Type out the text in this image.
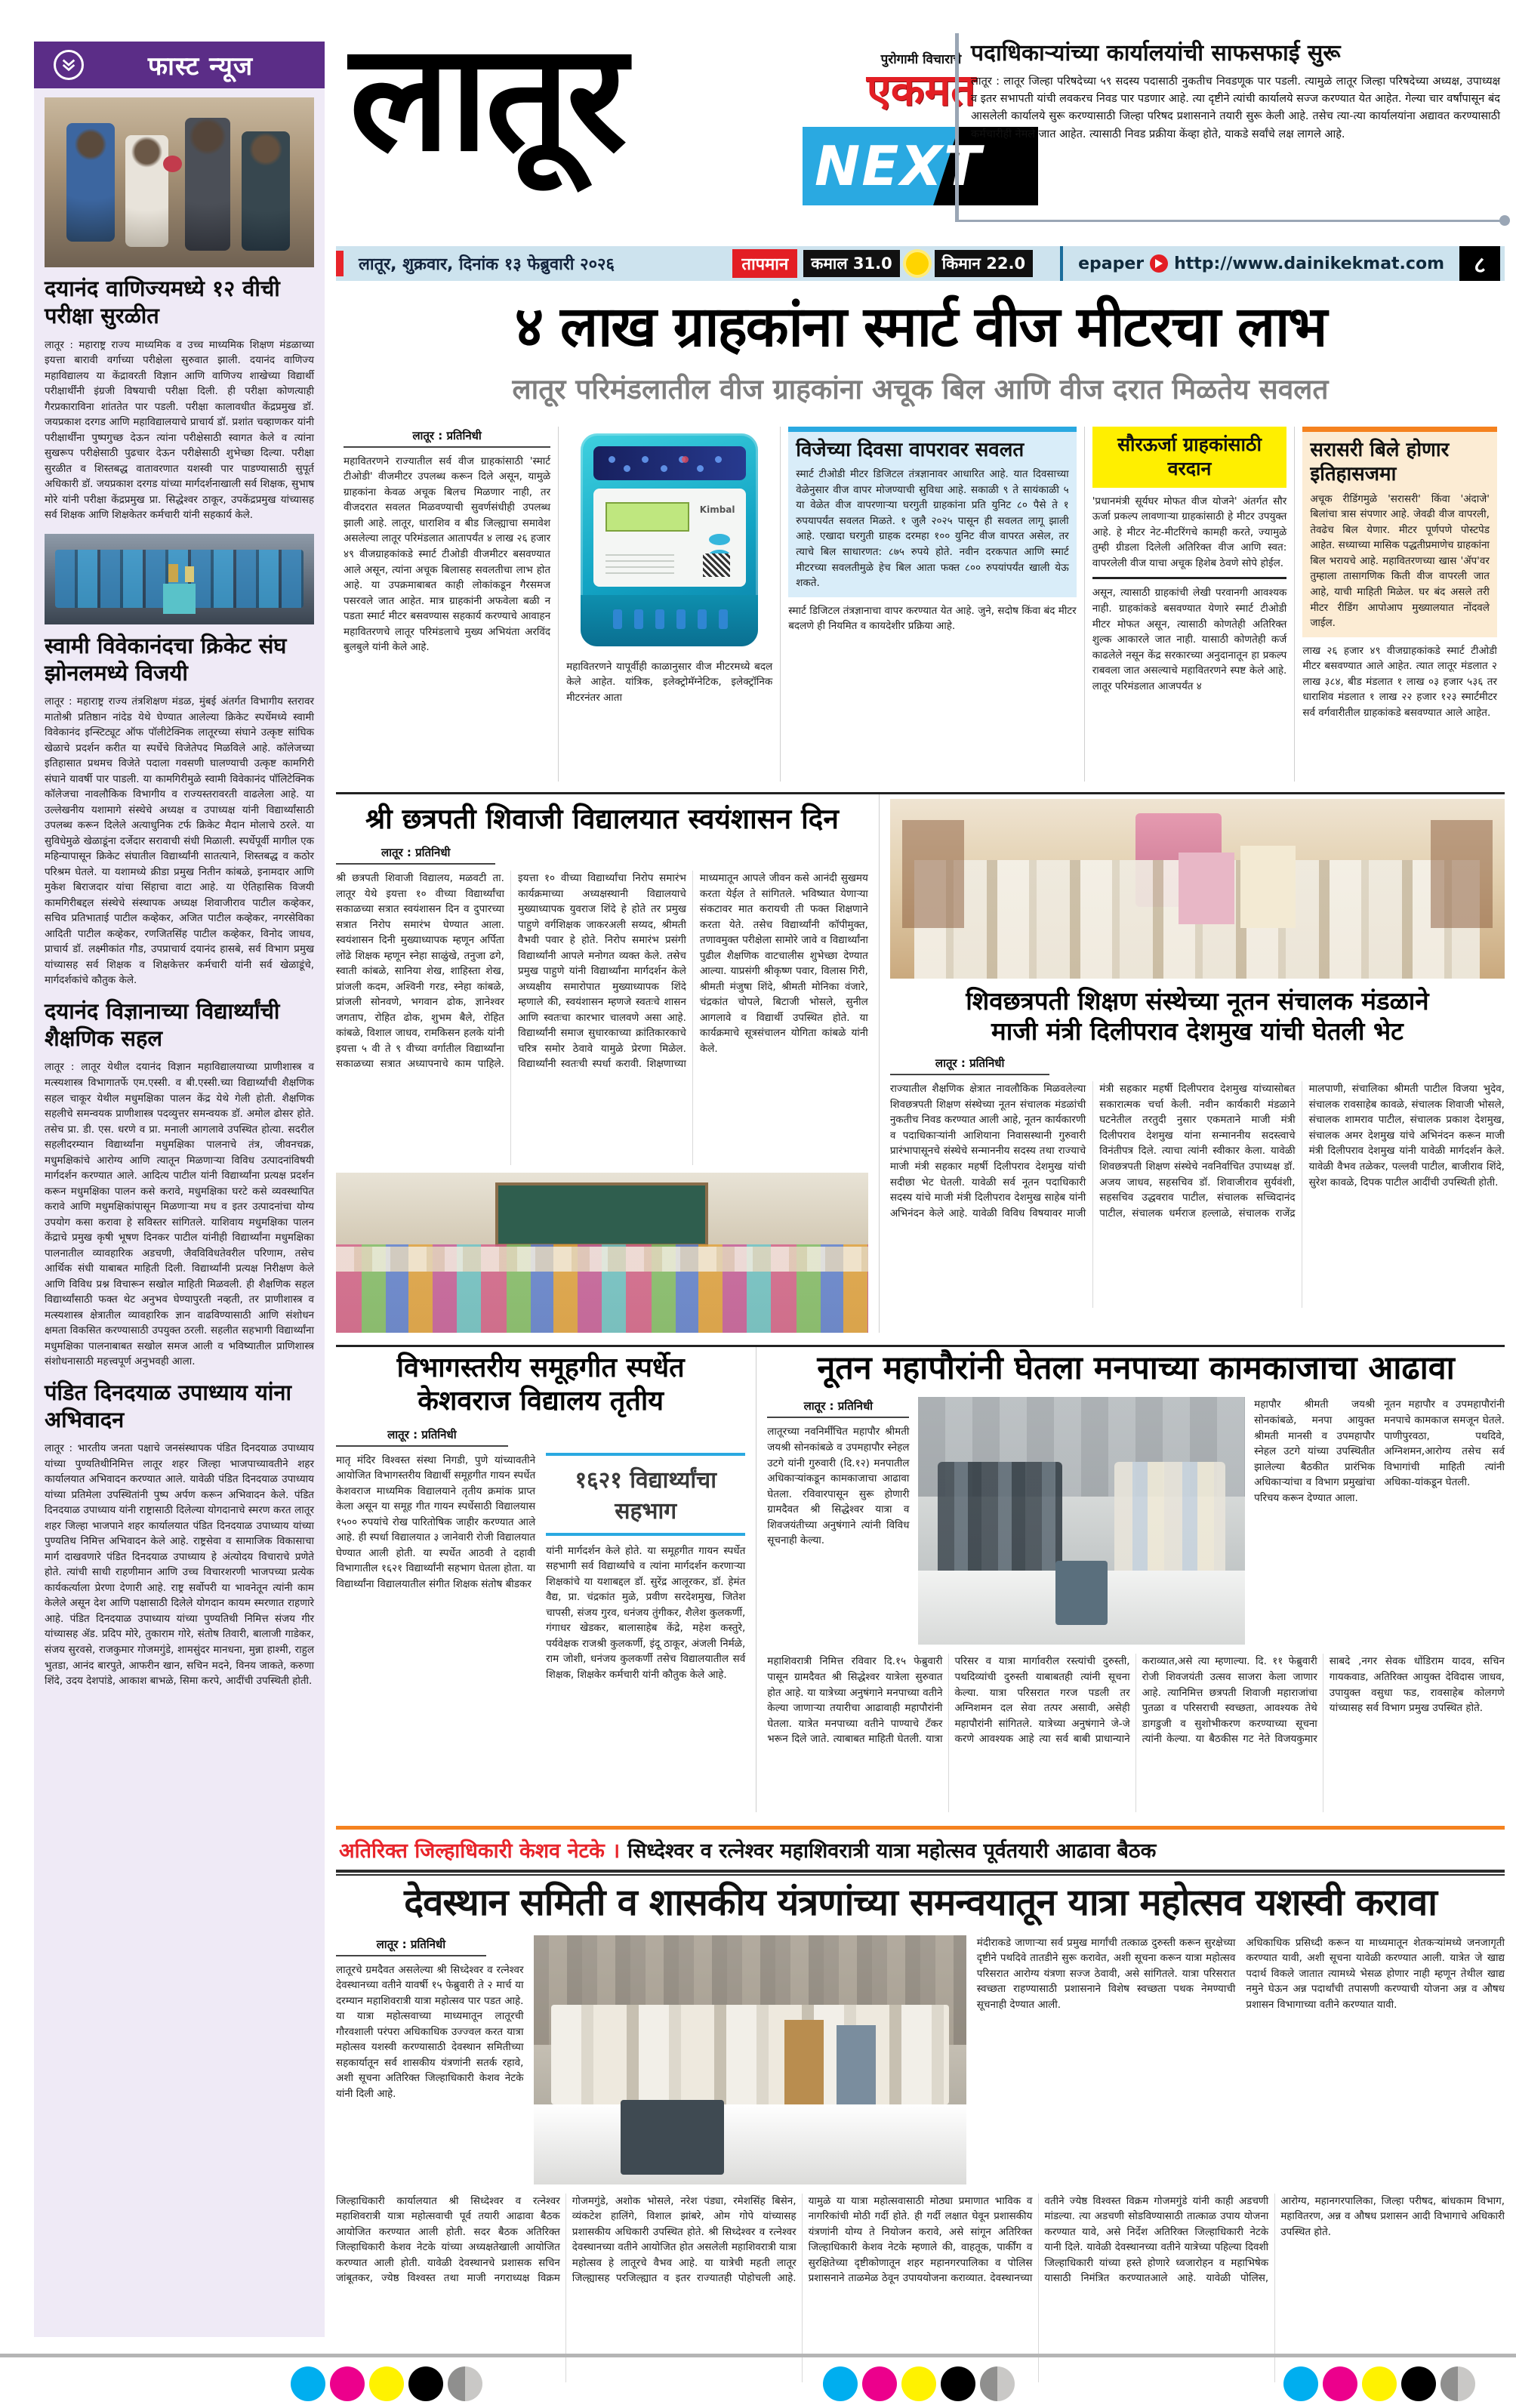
फास्ट न्यूज
दयानंद वाणिज्यमध्ये १२ वीची परीक्षा सुरळीत
लातूर : महाराष्ट्र राज्य माध्यमिक व उच्च माध्यमिक शिक्षण मंडळाच्या इयत्ता बारावी वर्गाच्या परीक्षेला सुरुवात झाली. दयानंद वाणिज्य महाविद्यालय या केंद्रावरती विज्ञान आणि वाणिज्य शाखेच्या विद्यार्थी परीक्षार्थींनी इंग्रजी विषयाची परीक्षा दिली. ही परीक्षा कोणत्याही गैरप्रकाराविना शांततेत पार पडली. परीक्षा कालावधीत केंद्रप्रमुख डॉ. जयप्रकाश दरगड आणि महाविद्यालयाचे प्राचार्य डॉ. प्रशांत चव्हाणकर यांनी परीक्षार्थींना पुष्पगुच्छ देऊन त्यांना परीक्षेसाठी स्वागत केले व त्यांना सुखरूप परीक्षेसाठी पुढचार देऊन परीक्षेसाठी शुभेच्छा दिल्या. परीक्षा सुरळीत व शिस्तबद्ध वातावरणात यशस्वी पार पाडण्यासाठी सुपूर्त अधिकारी डॉ. जयप्रकाश दरगड यांच्या मार्गदर्शनाखाली सर्व शिक्षक, सुभाष मोरे यांनी परीक्षा केंद्रप्रमुख प्रा. सिद्धेश्वर ठाकूर, उपकेंद्रप्रमुख यांच्यासह सर्व शिक्षक आणि शिक्षकेतर कर्मचारी यांनी सहकार्य केले.
स्वामी विवेकानंदचा क्रिकेट संघ झोनलमध्ये विजयी
लातूर : महाराष्ट्र राज्य तंत्रशिक्षण मंडळ, मुंबई अंतर्गत विभागीय स्तरावर मातोश्री प्रतिष्ठान नांदेड येथे घेण्यात आलेल्या क्रिकेट स्पर्धेमध्ये स्वामी विवेकानंद इन्स्टिट्यूट ऑफ पॉलीटेक्निक लातूरच्या संघाने उत्कृष्ट सांघिक खेळाचे प्रदर्शन करीत या स्पर्धेचे विजेतेपद मिळविले आहे. कॉलेजच्या इतिहासात प्रथमच विजेते पदाला गवसणी घालण्याची उत्कृष्ट कामगिरी संघाने यावर्षी पार पाडली. या कामगिरीमुळे स्वामी विवेकानंद पॉलिटेक्निक कॉलेजचा नावलौकिक विभागीय व राज्यस्तरावरती वाढलेला आहे. या उल्लेखनीय यशामागे संस्थेचे अध्यक्ष व उपाध्यक्ष यांनी विद्यार्थ्यांसाठी उपलब्ध करून दिलेले अत्याधुनिक टर्फ क्रिकेट मैदान मोलाचे ठरले. या सुविधेमुळे खेळाडूंना दर्जेदार सरावाची संधी मिळाली. स्पर्धेपूर्वी मागील एक महिन्यापासून क्रिकेट संघातील विद्यार्थ्यांनी सातत्याने, शिस्तबद्ध व कठोर परिश्रम घेतले. या यशामध्ये क्रीडा प्रमुख नितीन कांबळे, इनामदार आणि मुकेश बिराजदार यांचा सिंहाचा वाटा आहे. या ऐतिहासिक विजयी कामगिरीबद्दल संस्थेचे संस्थापक अध्यक्ष शिवाजीराव पाटील कव्हेकर, सचिव प्रतिभाताई पाटील कव्हेकर, अजित पाटील कव्हेकर, नगरसेविका आदिती पाटील कव्हेकर, रणजितसिंह पाटील कव्हेकर, विनोद जाधव, प्राचार्य डॉ. लक्ष्मीकांत गौड, उपप्राचार्य दयानंद हासबे, सर्व विभाग प्रमुख यांच्यासह सर्व शिक्षक व शिक्षकेत्तर कर्मचारी यांनी सर्व खेळाडूंचे, मार्गदर्शकांचे कौतुक केले.
दयानंद विज्ञानाच्या विद्यार्थ्यांची शैक्षणिक सहल
लातूर : लातूर येथील दयानंद विज्ञान महाविद्यालयाच्या प्राणीशास्त्र व मत्स्यशास्त्र विभागातर्फे एम.एस्सी. व बी.एस्सी.च्या विद्यार्थ्यांची शैक्षणिक सहल चाकूर येथील मधुमक्षिका पालन केंद्र येथे गेली होती. शैक्षणिक सहलीचे समन्वयक प्राणीशास्त्र पदव्युत्तर समन्वयक डॉ. अमोल ढोसर होते. तसेच प्रा. डी. एस. धरणे व प्रा. मनाली आगलावे उपस्थित होत्या. सदरील सहलीदरम्यान विद्यार्थ्यांना मधुमक्षिका पालनाचे तंत्र, जीवनचक्र, मधुमक्षिकांचे आरोग्य आणि त्यातून मिळणाऱ्या विविध उत्पादनांविषयी मार्गदर्शन करण्यात आले. आदित्य पाटील यांनी विद्यार्थ्यांना प्रत्यक्ष प्रदर्शन करून मधुमक्षिका पालन कसे करावे, मधुमक्षिका घरटे कसे व्यवस्थापित करावे आणि मधुमक्षिकांपासून मिळणाऱ्या मध व इतर उत्पादनांचा योग्य उपयोग कसा करावा हे सविस्तर सांगितले. याशिवाय मधुमक्षिका पालन केंद्राचे प्रमुख कृषी भूषण दिनकर पाटील यांनीही विद्यार्थ्यांना मधुमक्षिका पालनातील व्यावहारिक अडचणी, जैवविविधतेवरील परिणाम, तसेच आर्थिक संधी याबाबत माहिती दिली. विद्यार्थ्यांनी प्रत्यक्ष निरीक्षण केले आणि विविध प्रश्न विचारून सखोल माहिती मिळवली. ही शैक्षणिक सहल विद्यार्थ्यांसाठी फक्त थेट अनुभव घेण्यापुरती नव्हती, तर प्राणीशास्त्र व मत्स्यशास्त्र क्षेत्रातील व्यावहारिक ज्ञान वाढविण्यासाठी आणि संशोधन क्षमता विकसित करण्यासाठी उपयुक्त ठरली. सहलीत सहभागी विद्यार्थ्यांना मधुमक्षिका पालनाबाबत सखोल समज आली व भविष्यातील प्राणिशास्त्र संशोधनासाठी महत्त्वपूर्ण अनुभवही आला.
पंडित दिनदयाळ उपाध्याय यांना अभिवादन
लातूर : भारतीय जनता पक्षाचे जनसंस्थापक पंडित दिनदयाळ उपाध्याय यांच्या पुण्यतिथीनिमित्त लातूर शहर जिल्हा भाजपाच्यावतीने शहर कार्यालयात अभिवादन करण्यात आले. यावेळी पंडित दिनदयाळ उपाध्याय यांच्या प्रतिमेला उपस्थितांनी पुष्प अर्पण करून अभिवादन केले. पंडित दिनदयाळ उपाध्याय यांनी राष्ट्रासाठी दिलेल्या योगदानाचे स्मरण करत लातूर शहर जिल्हा भाजपाने शहर कार्यालयात पंडित दिनदयाळ उपाध्याय यांच्या पुण्यतिथ निमित्त अभिवादन केले आहे. राष्ट्रसेवा व सामाजिक विकासाचा मार्ग दाखवणारे पंडित दिनदयाळ उपाध्याय हे अंत्योदय विचाराचे प्रणेते होते. त्यांची साधी राहणीमान आणि उच्च विचारशरणी भाजपच्या प्रत्येक कार्यकर्त्याला प्रेरणा देणारी आहे. राष्ट्र सर्वोपरी या भावनेतून त्यांनी काम केलेले असून देश आणि पक्षासाठी दिलेले योगदान कायम स्मरणात राहणारे आहे. पंडित दिनदयाळ उपाध्याय यांच्या पुण्यतिथी निमित्त संजय गीर यांच्यासह ॲड. प्रदिप मोरे, तुकाराम गोरे, संतोष तिवारी, बालाजी गाडेकर, संजय सुरवसे, राजकुमार गोजमगुंडे, शामसुंदर मानधना, मुन्ना हाश्मी, राहुल भुतडा, आनंद बारपुते, आफरीन खान, सचिन मदने, विनय जाकते, करुणा शिंदे, उदय देशपांडे, आकाश बाभळे, सिमा करपे, आदींची उपस्थिती होती.
लातूर	पुरोगामी विचाराचे
एकमत
NEXT
पदाधिकाऱ्यांच्या कार्यालयांची साफसफाई सुरू
लातूर : लातूर जिल्हा परिषदेच्या ५९ सदस्य पदासाठी नुकतीच निवडणूक पार पडली. त्यामुळे लातूर जिल्हा परिषदेच्या अध्यक्ष, उपाध्यक्ष व इतर सभापती यांची लवकरच निवड पार पडणार आहे. त्या दृष्टीने त्यांची कार्यालये सज्ज करण्यात येत आहेत. गेल्या चार वर्षांपासून बंद आसलेली कार्यालये सुरू करण्यासाठी जिल्हा परिषद प्रशासनाने तयारी सुरू केली आहे. तसेच त्या-त्या कार्यालयांना अद्यावत करण्यासाठी कर्मचारीही नेमले जात आहेत. त्यासाठी निवड प्रक्रीया केंव्हा होते, याकडे सर्वांचे लक्ष लागले आहे.
लातूर, शुक्रवार, दिनांक १३ फेब्रुवारी २०२६	तापमान	कमाल 31.0	किमान 22.0	epaper http://www.dainikekmat.com	८
४ लाख ग्राहकांना स्मार्ट वीज मीटरचा लाभ
लातूर परिमंडलातील वीज ग्राहकांना अचूक बिल आणि वीज दरात मिळतेय सवलत
लातूर : प्रतिनिधी
महावितरणने राज्यातील सर्व वीज ग्राहकांसाठी 'स्मार्ट टीओडी' वीजमीटर उपलब्ध करून दिले असून, यामुळे ग्राहकांना केवळ अचूक बिलच मिळणार नाही, तर वीजदरात सवलत मिळवण्याची सुवर्णसंधीही उपलब्ध झाली आहे. लातूर, धाराशिव व बीड जिल्ह्याचा समावेश असलेल्या लातूर परिमंडलात आतापर्यंत ४ लाख २६ हजार ४९ वीजग्राहकांकडे स्मार्ट टीओडी वीजमीटर बसवण्यात आले असून, त्यांना अचूक बिलासह सवलतीचा लाभ होत आहे. या उपक्रमाबाबत काही लोकांकडून गैरसमज पसरवले जात आहेत. मात्र ग्राहकांनी अफवेला बळी न पडता स्मार्ट मीटर बसवण्यास सहकार्य करण्याचे आवाहन महावितरणचे लातूर परिमंडलाचे मुख्य अभियंता अरविंद बुलबुले यांनी केले आहे.
Kimbal
महावितरणने यापूर्वीही काळानुसार वीज मीटरमध्ये बदल केले आहेत. यांत्रिक, इलेक्ट्रोमॅग्नेटिक, इलेक्ट्रॉनिक मीटरनंतर आता
विजेच्या दिवसा वापरावर सवलत
स्मार्ट टीओडी मीटर डिजिटल तंत्रज्ञानावर आधारित आहे. यात दिवसाच्या वेळेनुसार वीज वापर मोजण्याची सुविधा आहे. सकाळी ९ ते सायंकाळी ५ या वेळेत वीज वापरणाऱ्या घरगुती ग्राहकांना प्रति युनिट ८० पैसे ते १ रुपयापर्यंत सवलत मिळते. १ जुलै २०२५ पासून ही सवलत लागू झाली आहे. एखादा घरगुती ग्राहक दरमहा १०० युनिट वीज वापरत असेल, तर त्याचे बिल साधारणत: ८७५ रुपये होते. नवीन दरकपात आणि स्मार्ट मीटरच्या सवलतीमुळे हेच बिल आता फक्त ८०० रुपयांपर्यंत खाली येऊ शकते.
स्मार्ट डिजिटल तंत्रज्ञानाचा वापर करण्यात येत आहे. जुने, सदोष किंवा बंद मीटर बदलणे ही नियमित व कायदेशीर प्रक्रिया आहे.
सौरऊर्जा ग्राहकांसाठी वरदान
'प्रधानमंत्री सूर्यघर मोफत वीज योजने' अंतर्गत सौर ऊर्जा प्रकल्प लावणाऱ्या ग्राहकांसाठी हे मीटर उपयुक्त आहे. हे मीटर नेट-मीटरिंगचे कामही करते, ज्यामुळे तुम्ही ग्रीडला दिलेली अतिरिक्त वीज आणि स्वत: वापरलेली वीज याचा अचूक हिशेब ठेवणे सोपे होईल.
असून, त्यासाठी ग्राहकांची लेखी परवानगी आवश्यक नाही. ग्राहकांकडे बसवण्यात येणारे स्मार्ट टीओडी मीटर मोफत असून, त्यासाठी कोणतेही अतिरिक्त शुल्क आकारले जात नाही. यासाठी कोणतेही कर्ज काढलेले नसून केंद्र सरकारच्या अनुदानातून हा प्रकल्प राबवला जात असल्याचे महावितरणने स्पष्ट केले आहे. लातूर परिमंडलात आजपर्यंत ४
सरासरी बिले होणार इतिहासजमा
अचूक रीडिंगमुळे 'सरासरी' किंवा 'अंदाजे' बिलांचा त्रास संपणार आहे. जेवढी वीज वापरली, तेवढेच बिल येणार. मीटर पूर्णपणे पोस्टपेड आहेत. सध्याच्या मासिक पद्धतीप्रमाणेच ग्राहकांना बिल भरायचे आहे. महावितरणच्या खास 'ॲप'वर तुम्हाला तासागणिक किती वीज वापरली जात आहे, याची माहिती मिळेल. घर बंद असले तरी मीटर रीडिंग आपोआप मुख्यालयात नोंदवले जाईल.
लाख २६ हजार ४९ वीजग्राहकांकडे स्मार्ट टीओडी मीटर बसवण्यात आले आहेत. त्यात लातूर मंडलात २ लाख ३८४, बीड मंडलात १ लाख ०३ हजार ५३६ तर धाराशिव मंडलात १ लाख २२ हजार १२३ स्मार्टमीटर सर्व वर्गवारीतील ग्राहकांकडे बसवण्यात आले आहेत.
श्री छत्रपती शिवाजी विद्यालयात स्वयंशासन दिन
लातूर : प्रतिनिधी
श्री छत्रपती शिवाजी विद्यालय, मळवटी ता. लातूर येथे इयत्ता १० वीच्या विद्यार्थ्यांचा सकाळच्या सत्रात स्वयंशासन दिन व दुपारच्या सत्रात निरोप समारंभ घेण्यात आला. स्वयंशासन दिनी मुख्याध्यापक म्हणून अर्पिता लोंढे शिक्षक म्हणून स्नेहा साळुंखे, तनुजा ढगे, स्वाती कांबळे, सानिया शेख, शाहिस्ता शेख, प्रांजली कदम, अश्विनी गरड, स्नेहा कांबळे, प्रांजली सोनवणे, भगवान ढोक, ज्ञानेश्वर जगताप, रोहित ढोक, शुभम बैले, रोहित कांबळे, विशाल जाधव, रामकिसन हलके यांनी इयत्ता ५ वी ते ९ वीच्या वर्गातील विद्यार्थ्यांना सकाळच्या सत्रात अध्यापनाचे काम पाहिले. इयत्ता १० वीच्या विद्यार्थ्यांचा निरोप समारंभ कार्यक्रमाच्या अध्यक्षस्थानी विद्यालयाचे मुख्याध्यापक युवराज शिंदे हे होते तर प्रमुख पाहुणे वर्गशिक्षक जाकरअली सय्यद, श्रीमती वैभवी पवार हे होते. निरोप समारंभ प्रसंगी विद्यार्थ्यांनी आपले मनोगत व्यक्त केले. तसेच प्रमुख पाहुणे यांनी विद्यार्थ्यांना मार्गदर्शन केले अध्यक्षीय समारोपात मुख्याध्यापक शिंदे म्हणाले की, स्वयंशासन म्हणजे स्वतःचे शासन आणि स्वतःचा कारभार चालवणे असा आहे. विद्यार्थ्यांनी समाज सुधारकाच्या क्रांतिकारकाचे चरित्र समोर ठेवावे यामुळे प्रेरणा मिळेल. विद्यार्थ्यांनी स्वतःची स्पर्धा करावी. शिक्षणाच्या माध्यमातून आपले जीवन कसे आनंदी सुखमय करता येईल ते सांगितले. भविष्यात येणाऱ्या संकटावर मात करायची ती फक्त शिक्षणाने करता येते. तसेच विद्यार्थ्यांनी कॉपीमुक्त, तणावमुक्त परीक्षेला सामोरे जावे व विद्यार्थ्यांना पुढील शैक्षणिक वाटचालीस शुभेच्छा देण्यात आल्या. याप्रसंगी श्रीकृष्ण पवार, विलास गिरी, श्रीमती मंजुषा शिंदे, श्रीमती मोनिका वंजारे, चंद्रकांत चोपले, बिटाजी भोसले, सुनील आगलावे व विद्यार्थी उपस्थित होते. या कार्यक्रमाचे सूत्रसंचालन योगिता कांबळे यांनी केले.
शिवछत्रपती शिक्षण संस्थेच्या नूतन संचालक मंडळाने
माजी मंत्री दिलीपराव देशमुख यांची घेतली भेट
लातूर : प्रतिनिधी
राज्यातील शैक्षणिक क्षेत्रात नावलौकिक मिळवलेल्या शिवछत्रपती शिक्षण संस्थेच्या नूतन संचालक मंडळांची नुकतीच निवड करण्यात आली आहे, नूतन कार्यकारणी व पदाधिकाऱ्यांनी आशियाना निवासस्थानी गुरुवारी प्रारंभापासूनचे संस्थेचे सन्माननीय सदस्य तथा राज्याचे माजी मंत्री सहकार महर्षी दिलीपराव देशमुख यांची सदीछा भेट घेतली. यावेळी सर्व नूतन पदाधिकारी सदस्य यांचे माजी मंत्री दिलीपराव देशमुख साहेब यांनी अभिनंदन केले आहे. यावेळी विविध विषयावर माजी मंत्री सहकार महर्षी दिलीपराव देशमुख यांच्यासोबत सकारात्मक चर्चा केली. नवीन कार्यकारी मंडळाने घटनेतील तरतुदी नुसार एकमताने माजी मंत्री दिलीपराव देशमुख यांना सन्माननीय सदस्त्वाचे विनंतीपत्र दिले. त्याचा त्यांनी स्वीकार केला. यावेळी शिवछत्रपती शिक्षण संस्थेचे नवनिर्वाचित उपाध्यक्ष डॉ. अजय जाधव, सहसचिव डॉ. शिवाजीराव सुर्यवंशी, सहसचिव उद्धवराव पाटील, संचालक सच्चिदानंद पाटील, संचालक धर्मराज हल्लाळे, संचालक राजेंद्र मालपाणी, संचालिका श्रीमती पाटील विजया भुदेव, संचालक रावसाहेब कावळे, संचालक शिवाजी भोसले, संचालक शामराव पाटील, संचालक प्रकाश देशमुख, संचालक अमर देशमुख यांचे अभिनंदन करून माजी मंत्री दिलीपराव देशमुख यांनी यावेळी मार्गदर्शन केले. यावेळी वैभव तळेकर, पल्लवी पाटील, बाजीराव शिंदे, सुरेश कावळे, दिपक पाटील आदींची उपस्थिती होती.
विभागस्तरीय समूहगीत स्पर्धेत
केशवराज विद्यालय तृतीय
लातूर : प्रतिनिधी
मातृ मंदिर विश्वस्त संस्था निगडी, पुणे यांच्यावतीने आयोजित विभागस्तरीय विद्यार्थी समूहगीत गायन स्पर्धेत केशवराज माध्यमिक विद्यालयाने तृतीय क्रमांक प्राप्त केला असून या समूह गीत गायन स्पर्धेसाठी विद्यालयास १५०० रुपयांचे रोख पारितोषिक जाहीर करण्यात आले आहे. ही स्पर्धा विद्यालयात ३ जानेवारी रोजी विद्यालयात घेण्यात आली होती. या स्पर्धेत आठवी ते दहावी विभागातील १६२१ विद्यार्थ्यांनी सहभाग घेतला होता. या विद्यार्थ्यांना विद्यालयातील संगीत शिक्षक संतोष बीडकर
१६२१ विद्यार्थ्यांचा सहभाग
यांनी मार्गदर्शन केले होते. या समूहगीत गायन स्पर्धेत सहभागी सर्व विद्यार्थ्यांचे व त्यांना मार्गदर्शन करणाऱ्या शिक्षकांचे या यशाबद्दल डॉ. सुरेंद्र आलूरकर, डॉ. हेमंत वैद्य, प्रा. चंद्रकांत मुळे, प्रवीण सरदेशमुख, जितेश चापसी, संजय गुरव, धनंजय तुंगीकर, शैलेश कुलकर्णी, गंगाधर खेडकर, बालासाहेब केंद्रे, महेश कस्तुरे, पर्यवेक्षक राजश्री कुलकर्णी, इंदू ठाकूर, अंजली निर्मळे, राम जोशी, धनंजय कुलकर्णी तसेच विद्यालयातील सर्व शिक्षक, शिक्षकेर कर्मचारी यांनी कौतुक केले आहे.
नूतन महापौरांनी घेतला मनपाच्या कामकाजाचा आढावा
लातूर : प्रतिनिधी
लातूरच्या नवनिर्मींचित महापौर श्रीमती जयश्री सोनकांबळे व उपमहापौर स्नेहल उटगे यांनी गुरुवारी (दि.१२) मनपातील अधिकाऱ्यांकडून कामकाजाचा आढावा घेतला. रविवारपासून सुरू होणारी ग्रामदैवत श्री सिद्धेश्वर यात्रा व शिवजयंतीच्या अनुषंगाने त्यांनी विविध सूचनाही केल्या.
महापौर श्रीमती जयश्री सोनकांबळे, मनपा आयुक्त श्रीमती मानसी व उपमहापौर स्नेहल उटगे यांच्या उपस्थितीत झालेल्या बैठकीत प्रारंभिक अधिकाऱ्यांचा व विभाग प्रमुखांचा परिचय करून देण्यात आला.
नूतन महापौर व उपमहापौरांनी मनपाचे कामकाज समजून घेतले. पाणीपुरवठा, पथदिवे, अग्निशमन,आरोग्य तसेच सर्व विभागांची माहिती त्यांनी अधिका-यांकडून घेतली.
महाशिवरात्री निमित्त रविवार दि.१५ फेब्रुवारी पासून ग्रामदैवत श्री सिद्धेश्वर यात्रेला सुरुवात होत आहे. या यात्रेच्या अनुषंगाने मनपाच्या वतीने केल्या जाणाऱ्या तयारीचा आढावाही महापौरांनी घेतला. यात्रेत मनपाच्या वतीने पाण्याचे टँकर भरून दिले जाते. त्याबाबत माहिती घेतली. यात्रा परिसर व यात्रा मार्गावरील रस्त्यांची दुरुस्ती, पथदिव्यांची दुरुस्ती याबाबतही त्यांनी सूचना केल्या. यात्रा परिसरात गरज पडली तर अग्निशमन दल सेवा तत्पर असावी, असेही महापौरांनी सांगितले. यात्रेच्या अनुषंगाने जे-जे करणे आवश्यक आहे त्या सर्व बाबी प्राधान्याने कराव्यात,असे त्या म्हणाल्या. दि. ११ फेब्रुवारी रोजी शिवजयंती उत्सव साजरा केला जाणार आहे. त्यानिमित्त छत्रपती शिवाजी महाराजांचा पुतळा व परिसराची स्वच्छता, आवश्यक तेथे डागडुजी व सुशोभीकरण करण्याच्या सूचना त्यांनी केल्या. या बैठकीस गट नेते विजयकुमार साबदे ,नगर सेवक धोंडिराम यादव, सचिन गायकवाड, अतिरिक्त आयुक्त देविदास जाधव, उपायुक्त वसुधा फड, रावसाहेब कोलगणे यांच्यासह सर्व विभाग प्रमुख उपस्थित होते.
अतिरिक्त जिल्हाधिकारी केशव नेटके । सिध्देश्वर व रत्नेश्वर महाशिवरात्री यात्रा महोत्सव पूर्वतयारी आढावा बैठक
देवस्थान समिती व शासकीय यंत्रणांच्या समन्वयातून यात्रा महोत्सव यशस्वी करावा
लातूर : प्रतिनिधी
लातूरचे ग्रमदैवत असलेल्या श्री सिध्देश्वर व रत्नेश्वर देवस्थानच्या वतीने यावर्षी १५ फेब्रुवारी ते २ मार्च या दरम्यान महाशिवरात्री यात्रा महोत्सव पार पडत आहे. या यात्रा महोत्सवाच्या माध्यमातून लातूरची गौरवशाली परंपरा अधिकाधिक उज्ज्वल करत यात्रा महोत्सव यशस्वी करण्यासाठी देवस्थान समितीच्या सहकार्यातून सर्व शासकीय यंत्रणांनी सतर्क रहावे, अशी सूचना अतिरिक्त जिल्हाधिकारी केशव नेटके यांनी दिली आहे.
मंदीराकडे जाणाऱ्या सर्व प्रमुख मार्गांची तत्काळ दुरुस्ती करून सुरक्षेच्या दृष्टीने पथदिवे तातडीने सुरू करावेत, अशी सूचना करून यात्रा महोत्सव परिसरात आरोग्य यंत्रणा सज्ज ठेवावी, असे सांगितले. यात्रा परिसरात स्वच्छता राहण्यासाठी प्रशासनाने विशेष स्वच्छता पथक नेमण्याची सूचनाही देण्यात आली.
अधिकाधिक प्रसिध्दी करून या माध्यमातून शेतकऱ्यांमध्ये जनजागृती करण्यात यावी, अशी सूचना यावेळी करण्यात आली. यात्रेत जे खाद्य पदार्थ विकले जातात त्यामध्ये भेसळ होणार नाही म्हणून तेथील खाद्य नमुने घेऊन अन्न पदार्थांची तपासणी करण्याची योजना अन्न व औषध प्रशासन विभागाच्या वतीने करण्यात यावी.
जिल्हाधिकारी कार्यालयात श्री सिध्देश्वर व रत्नेश्वर महाशिवरात्री यात्रा महोत्सवाची पूर्व तयारी आढावा बैठक आयोजित करण्यात आली होती. सदर बैठक अतिरिक्त जिल्हाधिकारी केशव नेटके यांच्या अध्यक्षतेखाली आयोजित करण्यात आली होती. यावेळी देवस्थानचे प्रशासक सचिन जांबूतकर, ज्येष्ठ विश्वस्त तथा माजी नगराध्यक्ष विक्रम गोजमगुंडे, अशोक भोसले, नरेश पंड्या, रमेशसिंह बिसेन, व्यंकटेश हालिंगे, विशाल झांबरे, ओम गोपे यांच्यासह प्रशासकीय अधिकारी उपस्थित होते. श्री सिध्देश्वर व रत्नेश्वर देवस्थानच्या वतीने आयोजित होत असलेली महाशिवरात्री यात्रा महोत्सव हे लातूरचे वैभव आहे. या यात्रेची महती लातूर जिल्ह्यासह परजिल्ह्यात व इतर राज्यातही पोहोचली आहे. यामुळे या यात्रा महोत्सवासाठी मोठ्या प्रमाणात भाविक व नागरिकांची मोठी गर्दी होते. ही गर्दी लक्षात घेवून प्रशासकीय यंत्रणांनी योग्य ते नियोजन करावे, असे सांगून अतिरिक्त जिल्हाधिकारी केशव नेटके म्हणाले की, वाहतूक, पार्कींग व सुरक्षितेच्या दृष्टीकोणातून शहर महानगरपालिका व पोलिस प्रशासनाने ताळमेळ ठेवून उपाययोजना कराव्यात. देवस्थानच्या वतीने ज्येष्ठ विश्वस्त विक्रम गोजमगुंडे यांनी काही अडचणी मांडल्या. त्या अडचणी सोडविण्यासाठी तात्काळ उपाय योजना करण्यात यावे, असे निर्देश अतिरिक्त जिल्हाधिकारी नेटके यानी दिले. यावेळी देवस्थानच्या वतीने यात्रेच्या पहिल्या दिवशी जिल्हाधिकारी यांच्या हस्ते होणारे ध्वजारोहन व महाभिषेक यासाठी निमंत्रित करण्यातआले आहे. यावेळी पोलिस, आरोग्य, महानगरपालिका, जिल्हा परीषद, बांधकाम विभाग, महावितरण, अन्न व औषध प्रशासन आदी विभागाचे अधिकारी उपस्थित होते.
